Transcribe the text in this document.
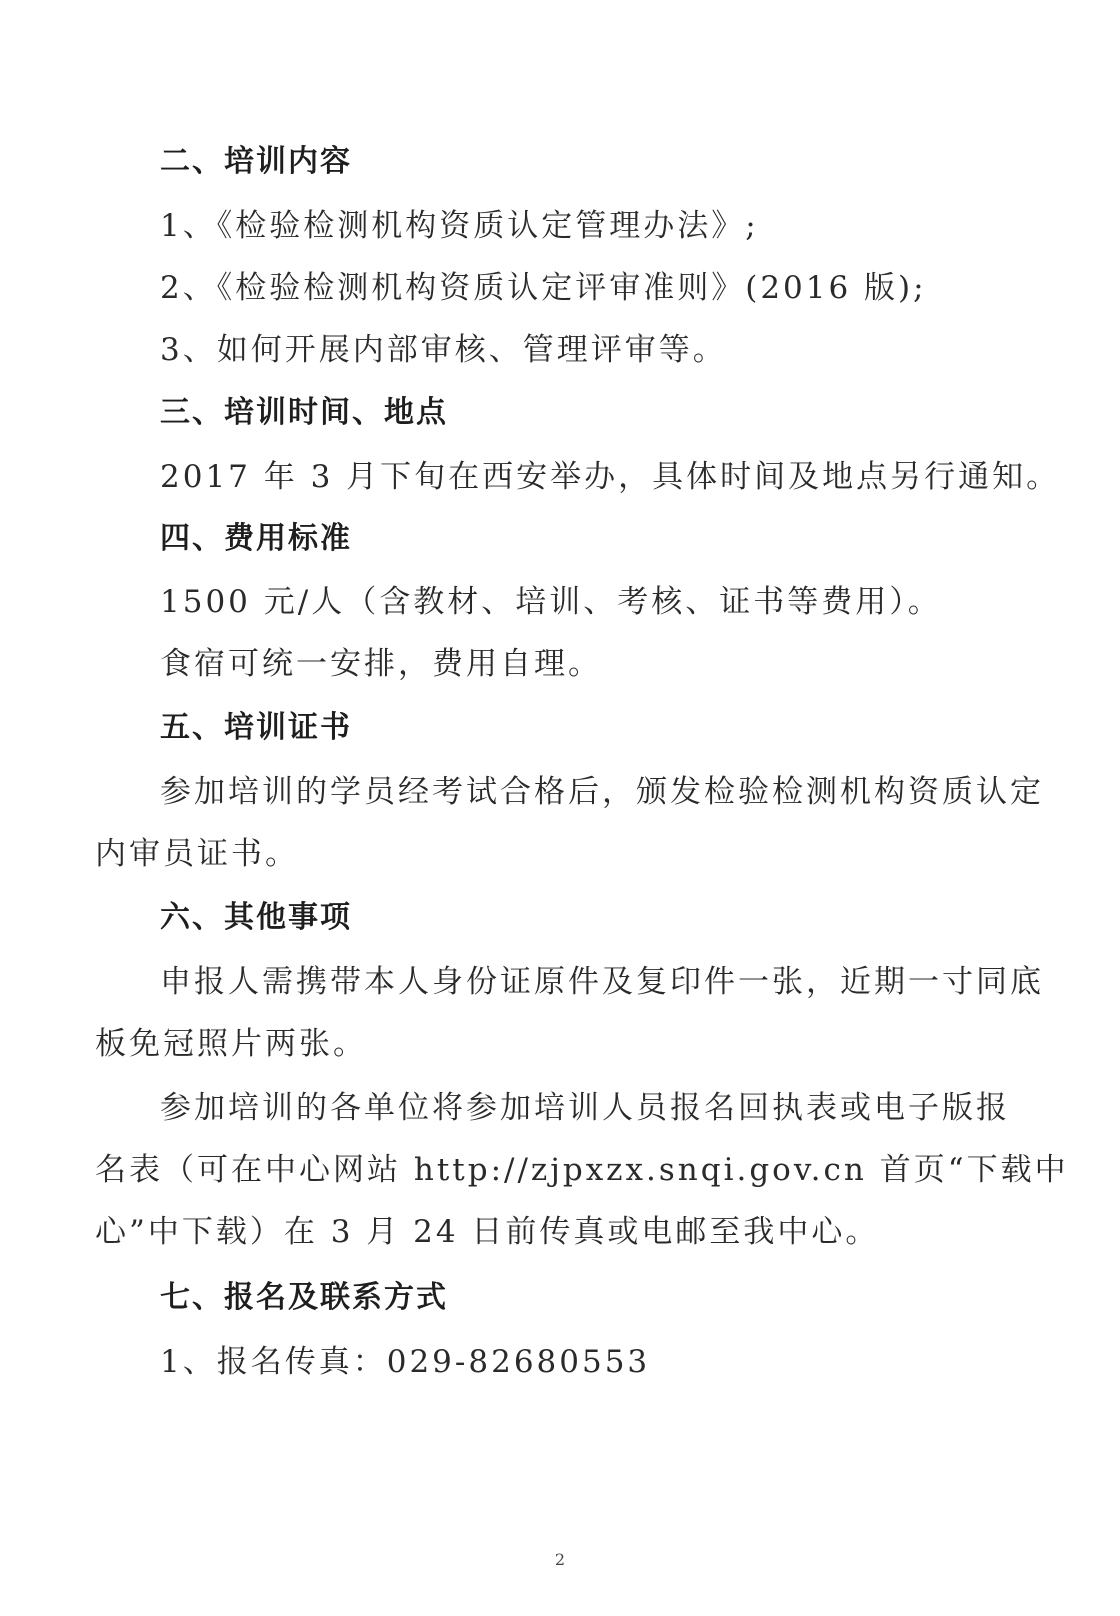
二、培训内容
1、《检验检测机构资质认定管理办法》;
2、《检验检测机构资质认定评审准则》(2016 版);
3、如何开展内部审核、管理评审等。
三、培训时间、地点
2017 年 3 月下旬在西安举办，具体时间及地点另行通知。
四、费用标准
1500 元/人（含教材、培训、考核、证书等费用）。
食宿可统一安排，费用自理。
五、培训证书
参加培训的学员经考试合格后，颁发检验检测机构资质认定
内审员证书。
六、其他事项
申报人需携带本人身份证原件及复印件一张，近期一寸同底
板免冠照片两张。
参加培训的各单位将参加培训人员报名回执表或电子版报
名表（可在中心网站 http://zjpxzx.snqi.gov.cn 首页“下载中
心”中下载）在 3 月 24 日前传真或电邮至我中心。
七、报名及联系方式
1、报名传真：029-82680553
2
